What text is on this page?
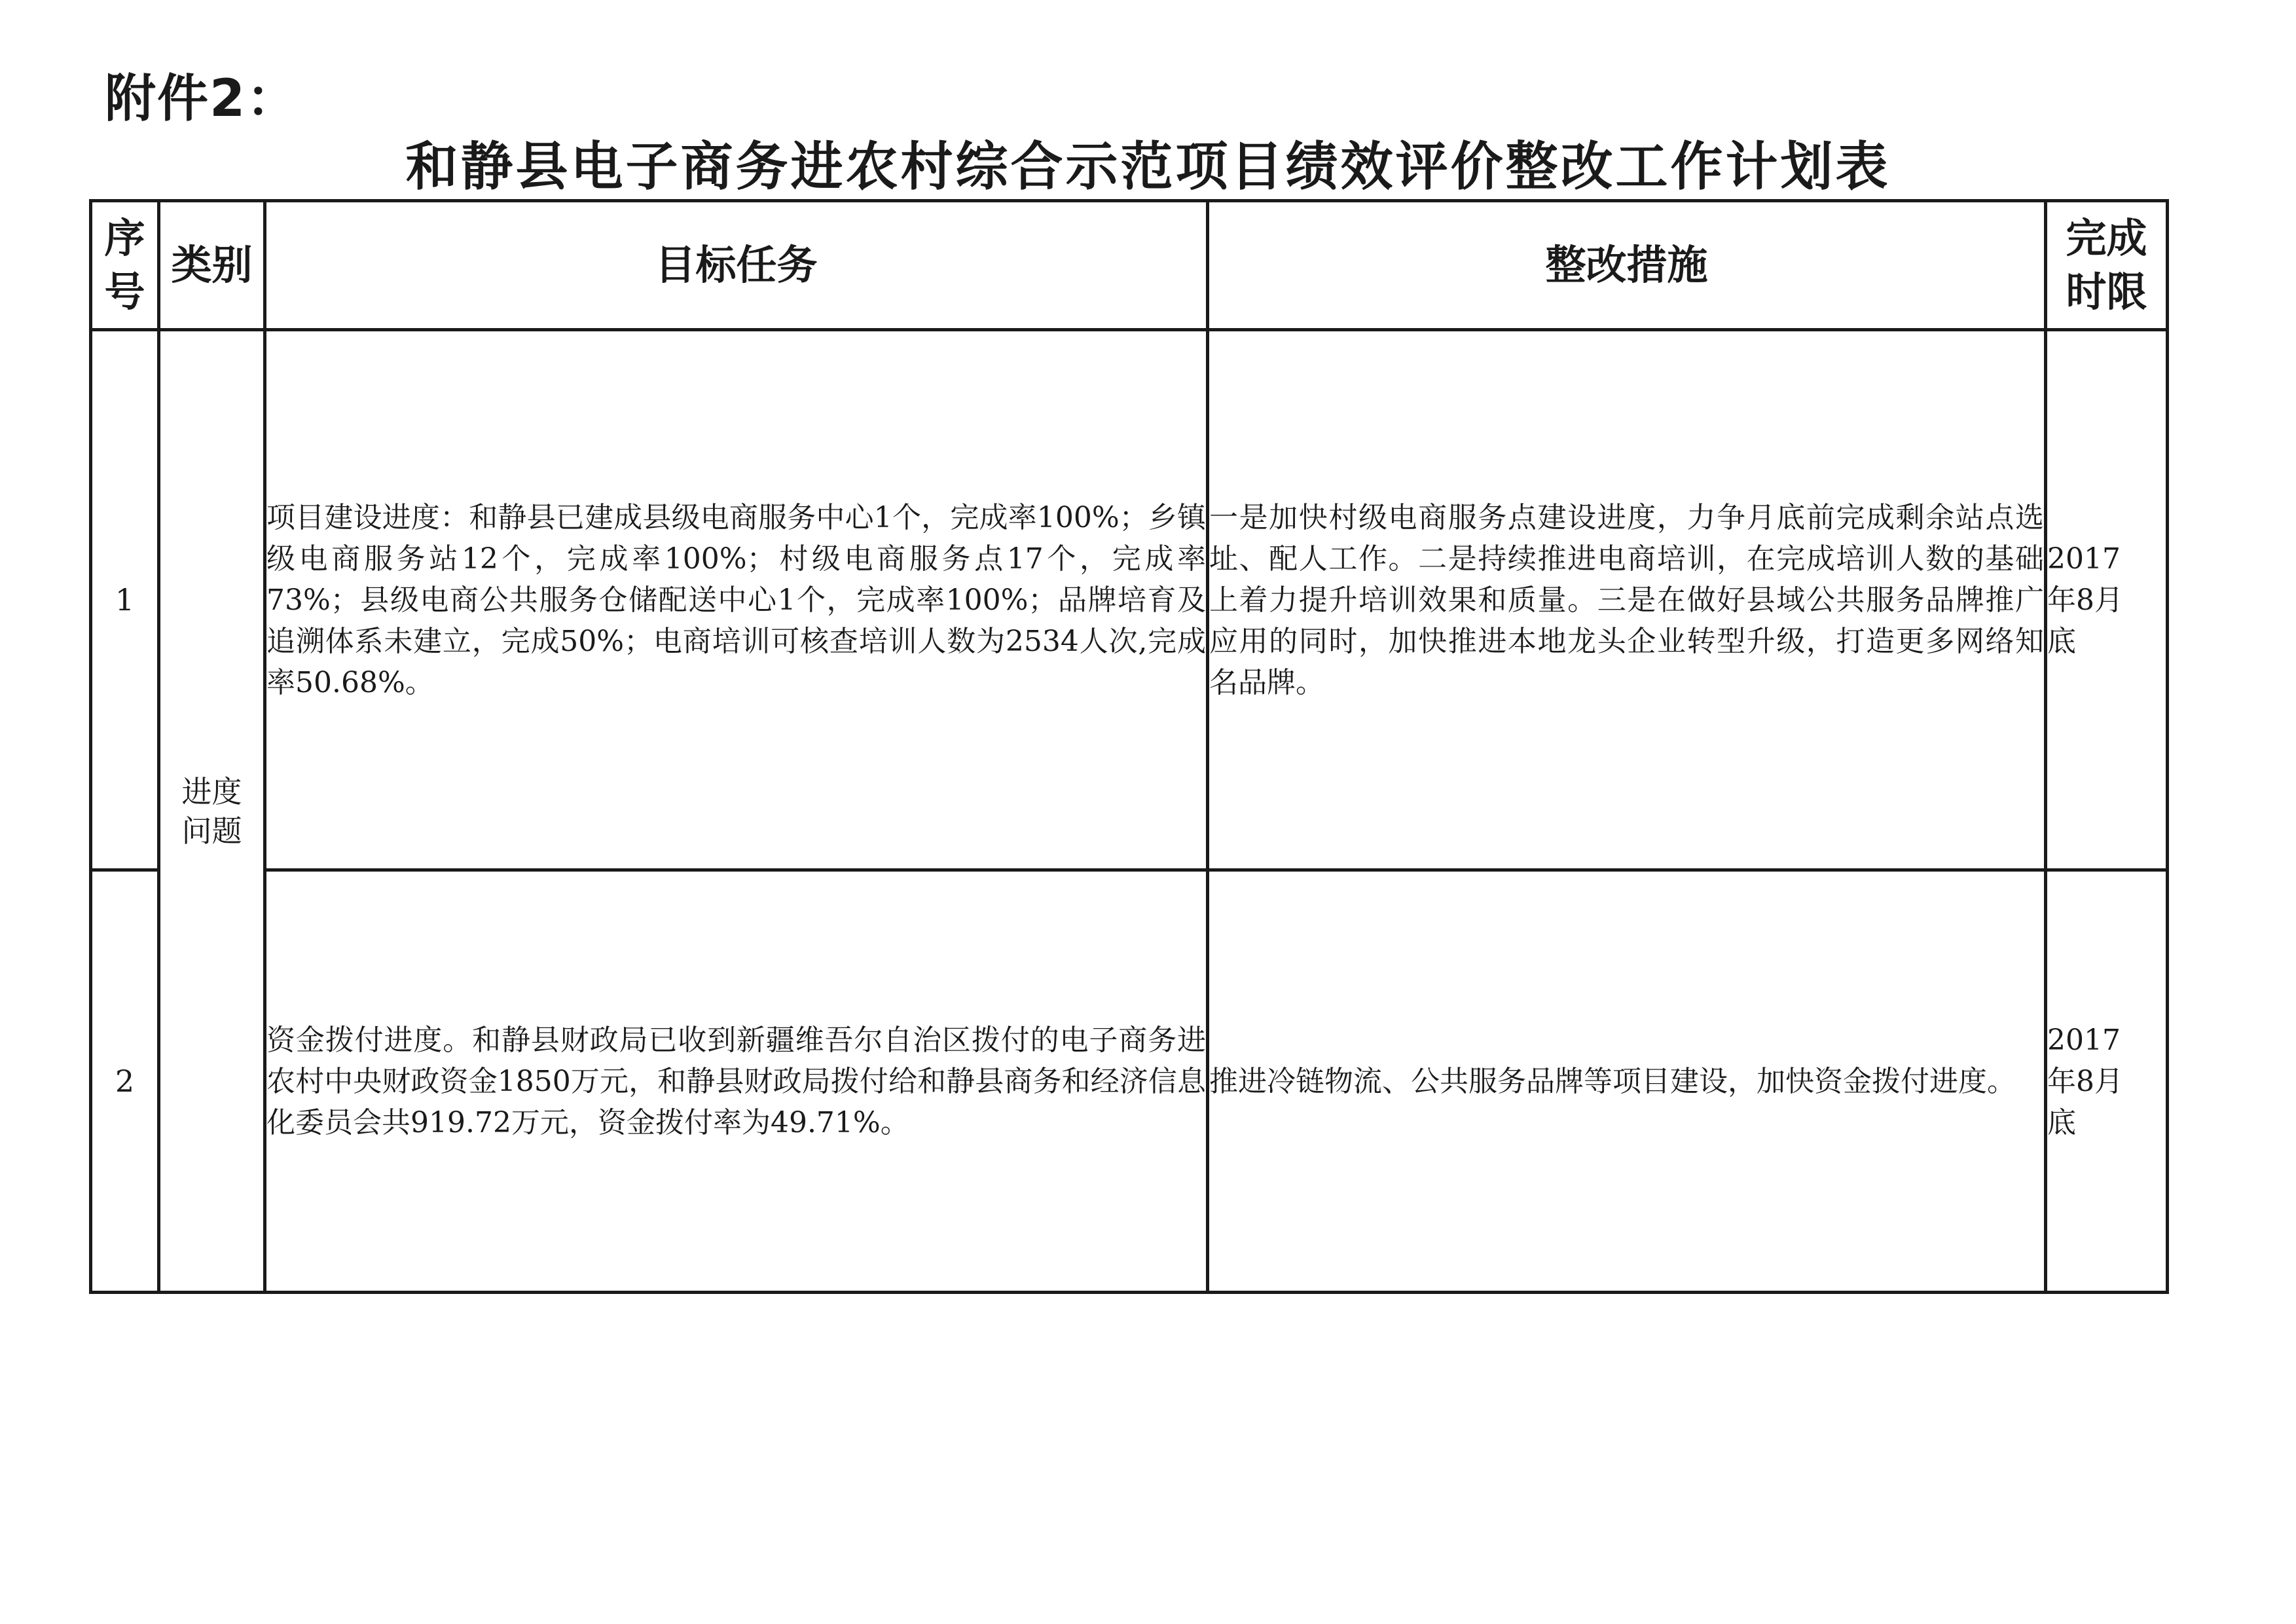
附件2：
和静县电子商务进农村综合示范项目绩效评价整改工作计划表
序号	类别	目标任务	整改措施	完成时限
1	进度问题	项目建设进度：和静县已建成县级电商服务中心1个，完成率100%；乡镇级电商服务站12个，完成率100%；村级电商服务点17个，完成率73%；县级电商公共服务仓储配送中心1个，完成率100%；品牌培育及追溯体系未建立，完成50%；电商培训可核查培训人数为2534人次,完成率50.68%。	一是加快村级电商服务点建设进度，力争月底前完成剩余站点选址、配人工作。二是持续推进电商培训，在完成培训人数的基础上着力提升培训效果和质量。三是在做好县域公共服务品牌推广应用的同时，加快推进本地龙头企业转型升级，打造更多网络知名品牌。	2017年8月底
2		资金拨付进度。和静县财政局已收到新疆维吾尔自治区拨付的电子商务进农村中央财政资金1850万元，和静县财政局拨付给和静县商务和经济信息化委员会共919.72万元，资金拨付率为49.71%。	推进冷链物流、公共服务品牌等项目建设，加快资金拨付进度。	2017年8月底
